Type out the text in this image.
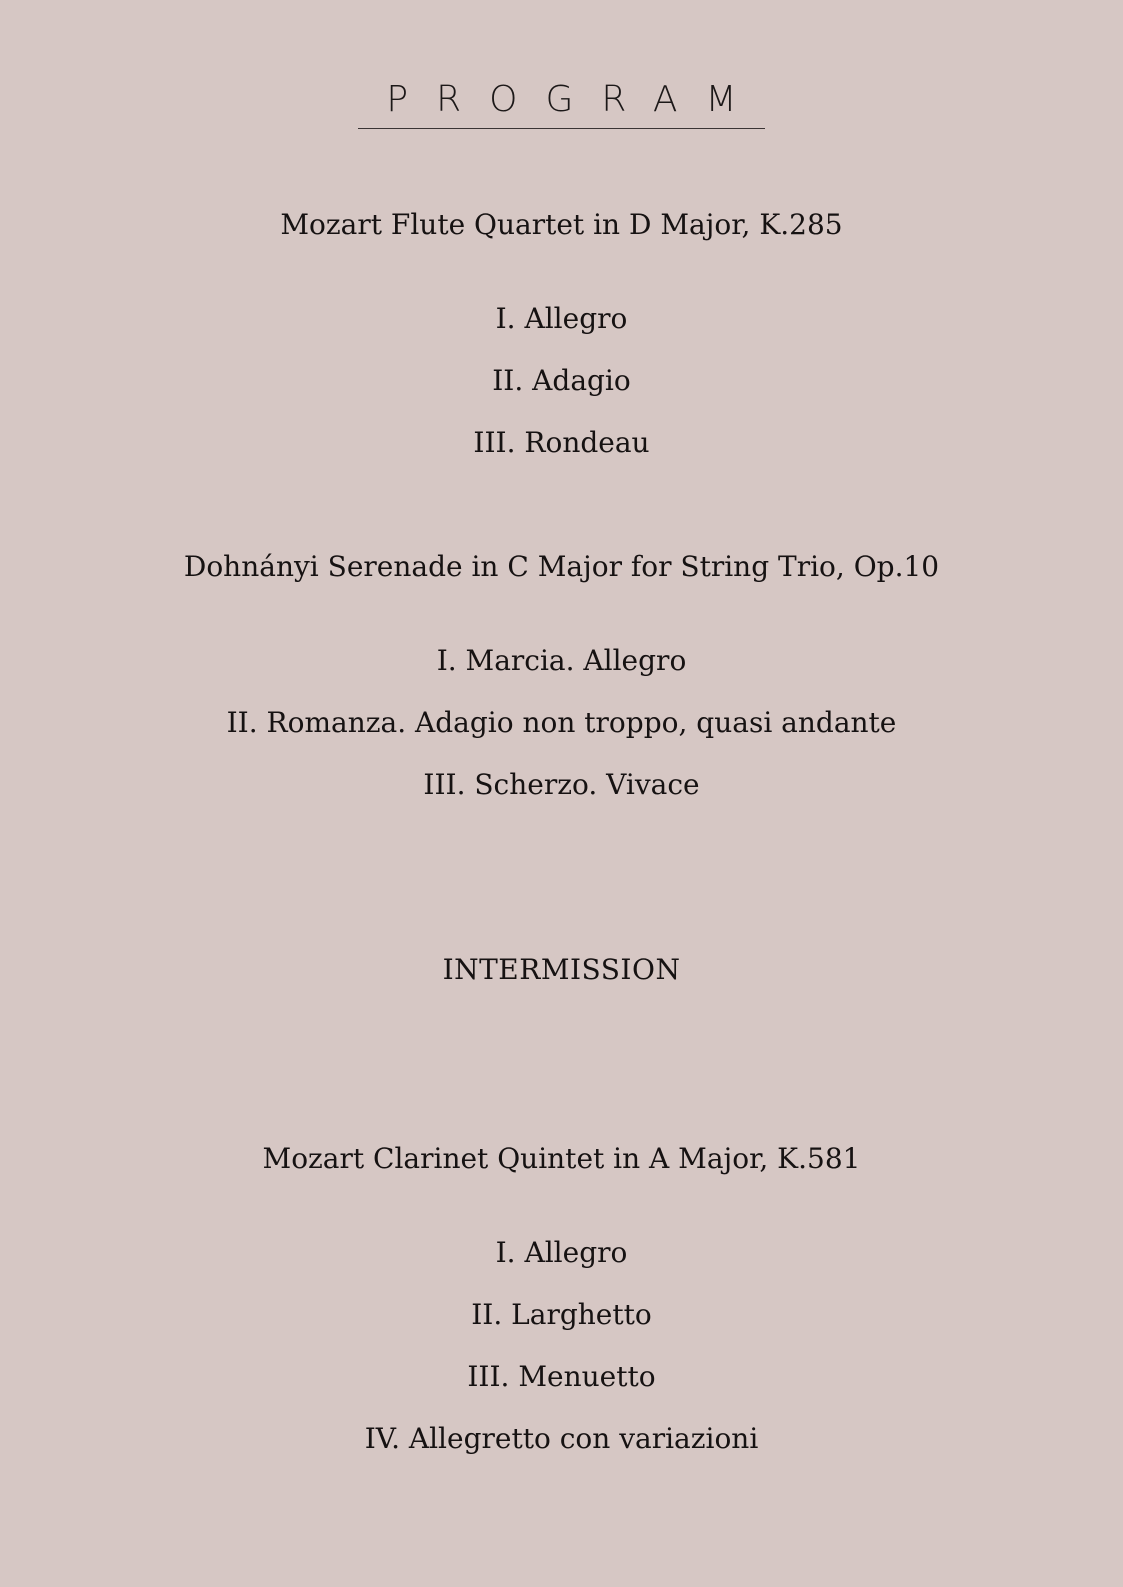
PROGRAM
Mozart Flute Quartet in D Major, K.285
I. Allegro
II. Adagio
III. Rondeau
Dohnányi Serenade in C Major for String Trio, Op.10
I. Marcia. Allegro
II. Romanza. Adagio non troppo, quasi andante
III. Scherzo. Vivace
INTERMISSION
Mozart Clarinet Quintet in A Major, K.581
I. Allegro
II. Larghetto
III. Menuetto
IV. Allegretto con variazioni
